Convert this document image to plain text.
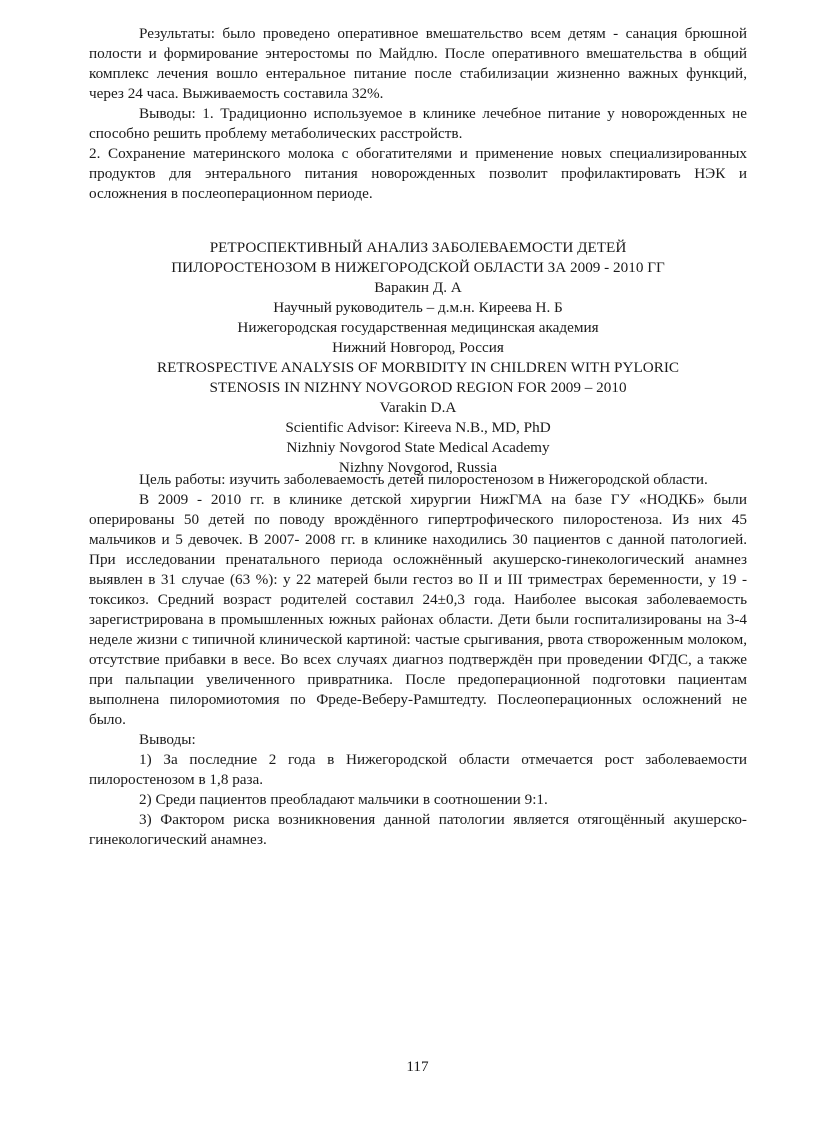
Результаты: было проведено оперативное вмешательство всем детям - санация брюшной полости и формирование энтеростомы по Майдлю. После оперативного вмешательства в общий комплекс лечения вошло ентеральное питание после стабилизации жизненно важных функций, через 24 часа. Выживаемость составила 32%.

Выводы: 1. Традиционно используемое в клинике лечебное питание у новорожденных не способно решить проблему метаболических расстройств.

2. Сохранение материнского молока с обогатителями и применение новых специализированных продуктов для энтерального питания новорожденных позволит профилактировать НЭК и осложнения в послеоперационном периоде.

РЕТРОСПЕКТИВНЫЙ АНАЛИЗ ЗАБОЛЕВАЕМОСТИ ДЕТЕЙ

ПИЛОРОСТЕНОЗОМ В НИЖЕГОРОДСКОЙ ОБЛАСТИ ЗА 2009 - 2010 ГГ

Варакин Д. А

Научный руководитель – д.м.н. Киреева Н. Б

Нижегородская государственная медицинская академия

Нижний Новгород, Россия

RETROSPECTIVE ANALYSIS OF MORBIDITY IN CHILDREN WITH PYLORIC

STENOSIS IN NIZHNY NOVGOROD REGION FOR 2009 – 2010

Varakin D.A

Scientific Advisor: Kireeva N.B., MD, PhD

Nizhniy Novgorod State Medical Academy

Nizhny Novgorod, Russia

Цель работы: изучить заболеваемость детей пилоростенозом в Нижегородской области.

В 2009 - 2010 гг. в клинике детской хирургии НижГМА на базе ГУ «НОДКБ» были оперированы 50 детей по поводу врождённого гипертрофического пилоростеноза. Из них 45 мальчиков и 5 девочек. В 2007- 2008 гг. в клинике находились 30 пациентов с данной патологией. При исследовании пренатального периода осложнённый акушерско-гинекологический анамнез выявлен в 31 случае (63 %): у 22 матерей были гестоз во II и III триместрах беременности, у 19 - токсикоз. Средний возраст родителей составил 24±0,3 года. Наиболее высокая заболеваемость зарегистрирована в промышленных южных районах области. Дети были госпитализированы на 3-4 неделе жизни с типичной клинической картиной: частые срыгивания, рвота створоженным молоком, отсутствие прибавки в весе. Во всех случаях диагноз подтверждён при проведении ФГДС, а также при пальпации увеличенного привратника. После предоперационной подготовки пациентам выполнена пилоромиотомия по Фреде-Веберу-Рамштедту. Послеоперационных осложнений не было.

Выводы:

1) За последние 2 года в Нижегородской области отмечается рост заболеваемости пилоростенозом в 1,8 раза.

2) Среди пациентов преобладают мальчики в соотношении 9:1.

3) Фактором риска возникновения данной патологии является отягощённый акушерско-гинекологический анамнез.

117
